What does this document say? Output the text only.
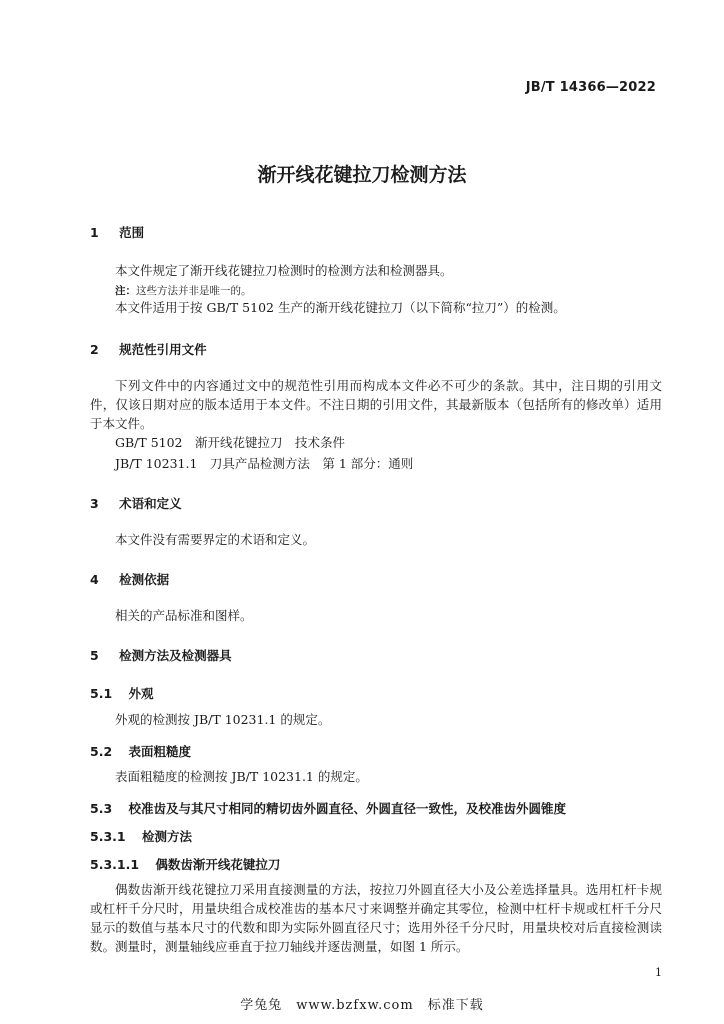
JB/T 14366—2022
渐开线花键拉刀检测方法
1 范围
本文件规定了渐开线花键拉刀检测时的检测方法和检测器具。
注：这些方法并非是唯一的。
本文件适用于按 GB/T 5102 生产的渐开线花键拉刀（以下简称“拉刀”）的检测。
2 规范性引用文件
下列文件中的内容通过文中的规范性引用而构成本文件必不可少的条款。其中，注日期的引用文件，仅该日期对应的版本适用于本文件。不注日期的引用文件，其最新版本（包括所有的修改单）适用于本文件。
GB/T 5102　渐开线花键拉刀　技术条件
JB/T 10231.1　刀具产品检测方法　第 1 部分：通则
3 术语和定义
本文件没有需要界定的术语和定义。
4 检测依据
相关的产品标准和图样。
5 检测方法及检测器具
5.1 外观
外观的检测按 JB/T 10231.1 的规定。
5.2 表面粗糙度
表面粗糙度的检测按 JB/T 10231.1 的规定。
5.3 校准齿及与其尺寸相同的精切齿外圆直径、外圆直径一致性，及校准齿外圆锥度
5.3.1 检测方法
5.3.1.1 偶数齿渐开线花键拉刀
偶数齿渐开线花键拉刀采用直接测量的方法，按拉刀外圆直径大小及公差选择量具。选用杠杆卡规或杠杆千分尺时，用量块组合成校准齿的基本尺寸来调整并确定其零位，检测中杠杆卡规或杠杆千分尺显示的数值与基本尺寸的代数和即为实际外圆直径尺寸；选用外径千分尺时，用量块校对后直接检测读数。测量时，测量轴线应垂直于拉刀轴线并逐齿测量，如图 1 所示。
1
学兔兔　www.bzfxw.com　标准下载
